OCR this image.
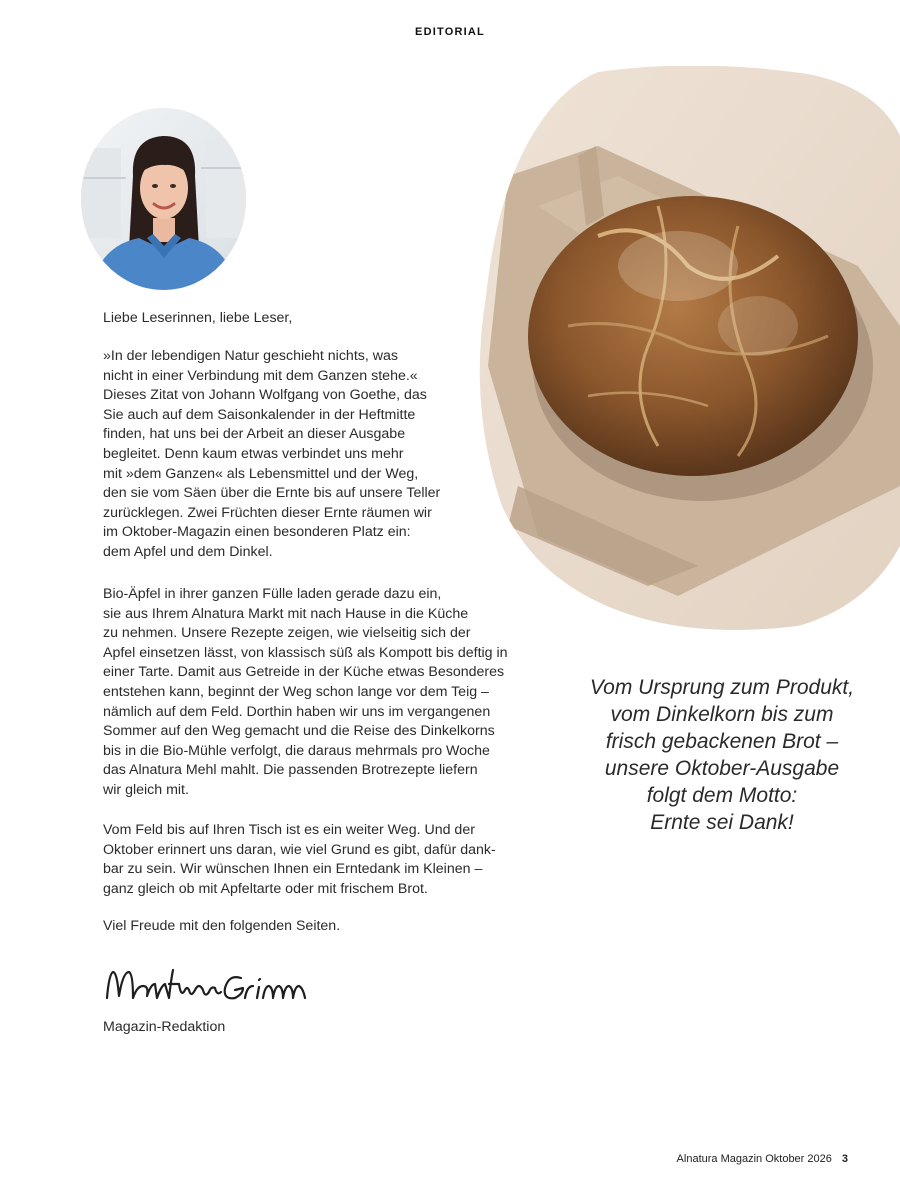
EDITORIAL

Liebe Leserinnen, liebe Leser,

»In der lebendigen Natur geschieht nichts, was
nicht in einer Verbindung mit dem Ganzen stehe.«
Dieses Zitat von Johann Wolfgang von Goethe, das
Sie auch auf dem Saisonkalender in der Heftmitte
finden, hat uns bei der Arbeit an dieser Ausgabe
begleitet. Denn kaum etwas verbindet uns mehr
mit »dem Ganzen« als Lebensmittel und der Weg,
den sie vom Säen über die Ernte bis auf unsere Teller
zurücklegen. Zwei Früchten dieser Ernte räumen wir
im Oktober-Magazin einen besonderen Platz ein:
dem Apfel und dem Dinkel.

Bio-Äpfel in ihrer ganzen Fülle laden gerade dazu ein,
sie aus Ihrem Alnatura Markt mit nach Hause in die Küche
zu nehmen. Unsere Rezepte zeigen, wie vielseitig sich der
Apfel einsetzen lässt, von klassisch süß als Kompott bis deftig in
einer Tarte. Damit aus Getreide in der Küche etwas Besonderes
entstehen kann, beginnt der Weg schon lange vor dem Teig –
nämlich auf dem Feld. Dorthin haben wir uns im vergangenen
Sommer auf den Weg gemacht und die Reise des Dinkelkorns
bis in die Bio-Mühle verfolgt, die daraus mehrmals pro Woche
das Alnatura Mehl mahlt. Die passenden Brotrezepte liefern
wir gleich mit.

Vom Feld bis auf Ihren Tisch ist es ein weiter Weg. Und der
Oktober erinnert uns daran, wie viel Grund es gibt, dafür dank-
bar zu sein. Wir wünschen Ihnen ein Erntedank im Kleinen –
ganz gleich ob mit Apfeltarte oder mit frischem Brot.

Viel Freude mit den folgenden Seiten.

Magazin-Redaktion

Vom Ursprung zum Produkt,
vom Dinkelkorn bis zum
frisch gebackenen Brot –
unsere Oktober-Ausgabe
folgt dem Motto:
Ernte sei Dank!

Alnatura Magazin Oktober 2026 3
